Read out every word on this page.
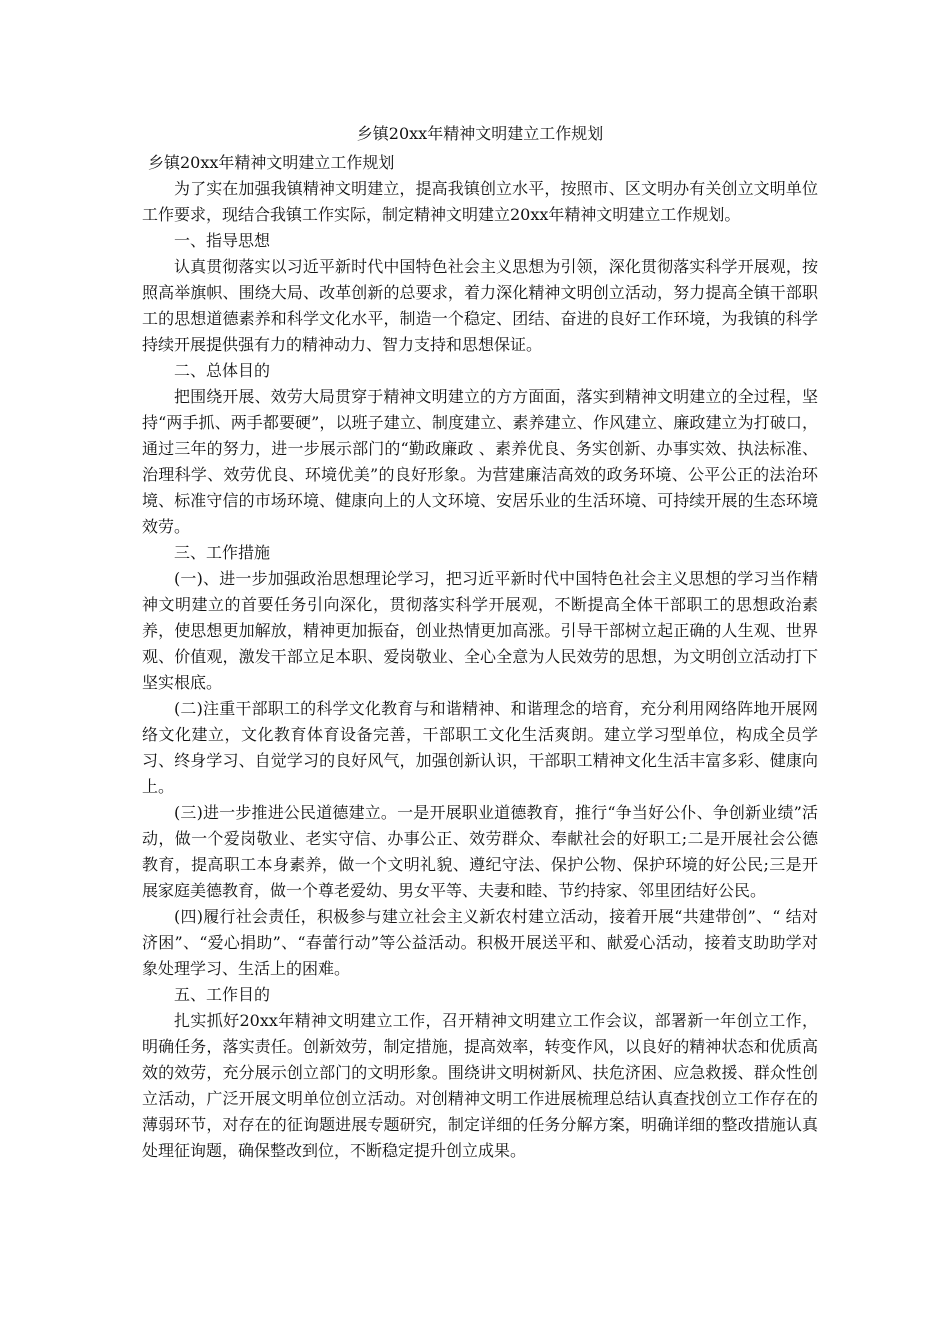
乡镇20xx年精神文明建立工作规划

乡镇20xx年精神文明建立工作规划

为了实在加强我镇精神文明建立，提高我镇创立水平，按照市、区文明办有关创立文明单位工作要求，现结合我镇工作实际，制定精神文明建立20xx年精神文明建立工作规划。

一、指导思想

认真贯彻落实以习近平新时代中国特色社会主义思想为引领，深化贯彻落实科学开展观，按照高举旗帜、围绕大局、改革创新的总要求，着力深化精神文明创立活动，努力提高全镇干部职工的思想道德素养和科学文化水平，制造一个稳定、团结、奋进的良好工作环境，为我镇的科学持续开展提供强有力的精神动力、智力支持和思想保证。

二、总体目的

把围绕开展、效劳大局贯穿于精神文明建立的方方面面，落实到精神文明建立的全过程，坚持“两手抓、两手都要硬”，以班子建立、制度建立、素养建立、作风建立、廉政建立为打破口，通过三年的努力，进一步展示部门的“勤政廉政 、素养优良、务实创新、办事实效、执法标准、治理科学、效劳优良、环境优美”的良好形象。为营建廉洁高效的政务环境、公平公正的法治环境、标准守信的市场环境、健康向上的人文环境、安居乐业的生活环境、可持续开展的生态环境效劳。

三、工作措施

(一)、进一步加强政治思想理论学习，把习近平新时代中国特色社会主义思想的学习当作精神文明建立的首要任务引向深化，贯彻落实科学开展观，不断提高全体干部职工的思想政治素养，使思想更加解放，精神更加振奋，创业热情更加高涨。引导干部树立起正确的人生观、世界观、价值观，激发干部立足本职、爱岗敬业、全心全意为人民效劳的思想，为文明创立活动打下坚实根底。

(二)注重干部职工的科学文化教育与和谐精神、和谐理念的培育，充分利用网络阵地开展网络文化建立，文化教育体育设备完善，干部职工文化生活爽朗。建立学习型单位，构成全员学习、终身学习、自觉学习的良好风气，加强创新认识，干部职工精神文化生活丰富多彩、健康向上。

(三)进一步推进公民道德建立。一是开展职业道德教育，推行“争当好公仆、争创新业绩”活动，做一个爱岗敬业、老实守信、办事公正、效劳群众、奉献社会的好职工;二是开展社会公德教育，提高职工本身素养，做一个文明礼貌、遵纪守法、保护公物、保护环境的好公民;三是开展家庭美德教育，做一个尊老爱幼、男女平等、夫妻和睦、节约持家、邻里团结好公民。

(四)履行社会责任，积极参与建立社会主义新农村建立活动，接着开展“共建带创”、“ 结对济困”、“爱心捐助”、“春蕾行动”等公益活动。积极开展送平和、献爱心活动，接着支助助学对象处理学习、生活上的困难。

五、工作目的

扎实抓好20xx年精神文明建立工作，召开精神文明建立工作会议，部署新一年创立工作，明确任务，落实责任。创新效劳，制定措施，提高效率，转变作风，以良好的精神状态和优质高效的效劳，充分展示创立部门的文明形象。围绕讲文明树新风、扶危济困、应急救援、群众性创立活动，广泛开展文明单位创立活动。对创精神文明工作进展梳理总结认真查找创立工作存在的薄弱环节，对存在的征询题进展专题研究，制定详细的任务分解方案，明确详细的整改措施认真处理征询题，确保整改到位，不断稳定提升创立成果。
